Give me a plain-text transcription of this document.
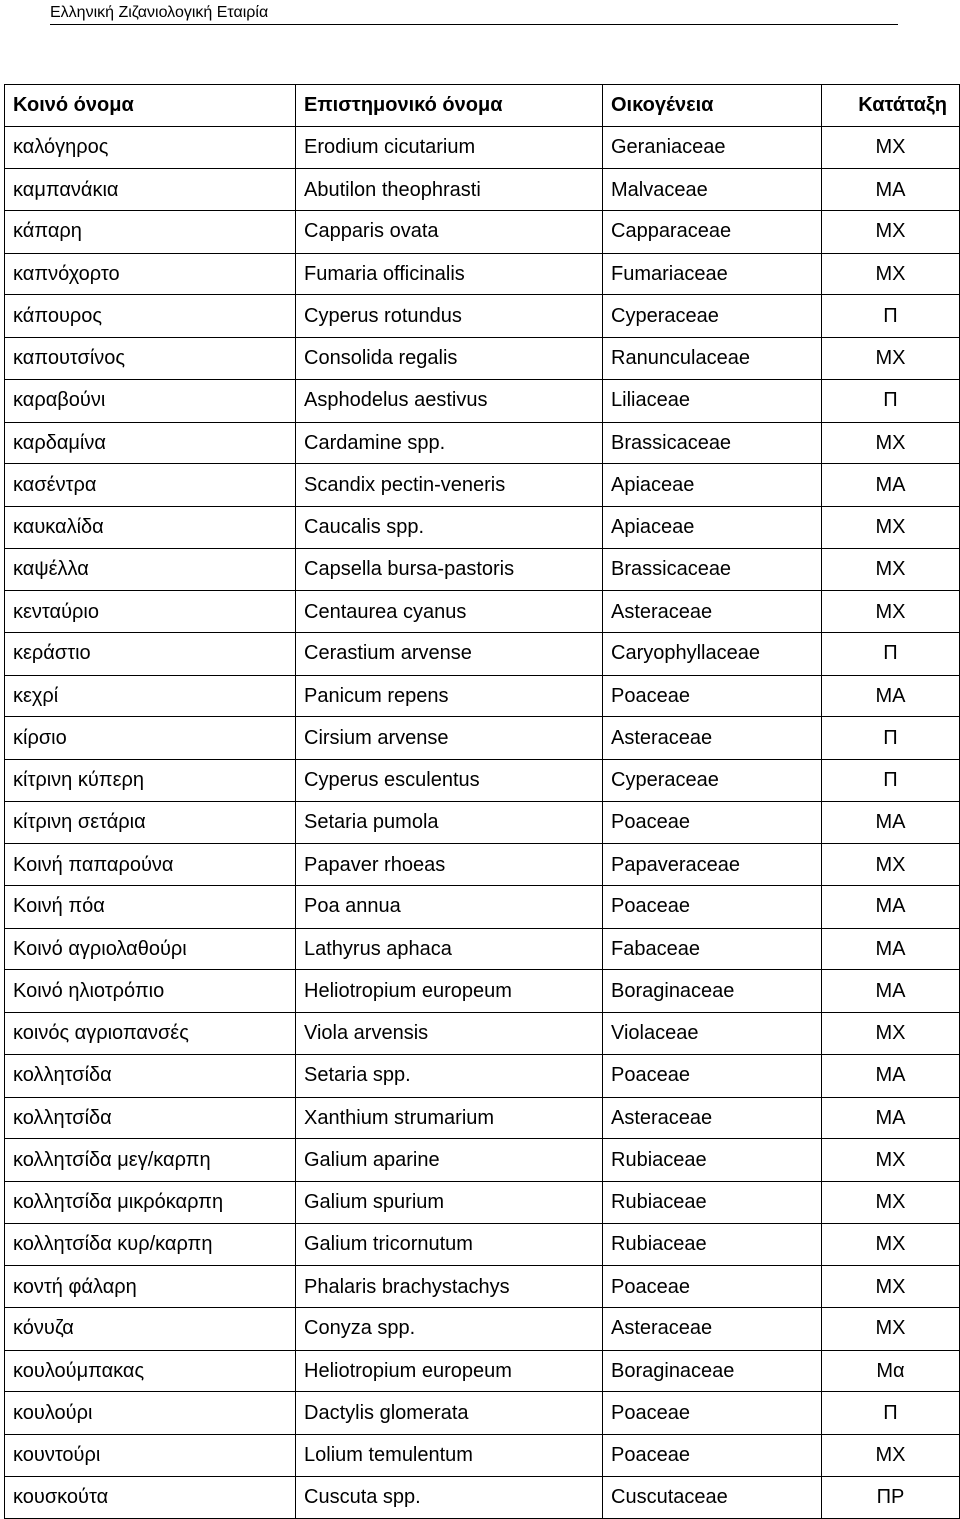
Ελληνική Ζιζανιολογική Εταιρία
Κοινό όνομα	Επιστημονικό όνομα	Οικογένεια	Κατάταξη
καλόγηρος	Erodium cicutarium	Geraniaceae	ΜΧ
καμπανάκια	Abutilon theophrasti	Malvaceae	ΜΑ
κάπαρη	Capparis ovata	Capparaceae	ΜΧ
καπνόχορτο	Fumaria officinalis	Fumariaceae	ΜΧ
κάπουρος	Cyperus rotundus	Cyperaceae	Π
καπουτσίνος	Consolida regalis	Ranunculaceae	ΜΧ
καραβούνι	Asphodelus aestivus	Liliaceae	Π
καρδαμίνα	Cardamine spp.	Brassicaceae	ΜΧ
κασέντρα	Scandix pectin-veneris	Apiaceae	ΜΑ
καυκαλίδα	Caucalis spp.	Apiaceae	ΜΧ
καψέλλα	Capsella bursa-pastoris	Brassicaceae	ΜΧ
κενταύριο	Centaurea cyanus	Asteraceae	ΜΧ
κεράστιο	Cerastium arvense	Caryophyllaceae	Π
κεχρί	Panicum repens	Poaceae	ΜΑ
κίρσιο	Cirsium arvense	Asteraceae	Π
κίτρινη κύπερη	Cyperus esculentus	Cyperaceae	Π
κίτρινη σετάρια	Setaria pumola	Poaceae	ΜΑ
Κοινή παπαρούνα	Papaver rhoeas	Papaveraceae	ΜΧ
Κοινή πόα	Poa annua	Poaceae	ΜΑ
Κοινό αγριολαθούρι	Lathyrus aphaca	Fabaceae	ΜΑ
Κοινό ηλιοτρόπιο	Heliotropium europeum	Boraginaceae	ΜΑ
κοινός αγριοπανσές	Viola arvensis	Violaceae	ΜΧ
κολλητσίδα	Setaria spp.	Poaceae	ΜΑ
κολλητσίδα	Xanthium strumarium	Asteraceae	ΜΑ
κολλητσίδα μεγ/καρπη	Galium aparine	Rubiaceae	ΜΧ
κολλητσίδα μικρόκαρπη	Galium spurium	Rubiaceae	ΜΧ
κολλητσίδα κυρ/καρπη	Galium tricornutum	Rubiaceae	ΜΧ
κοντή φάλαρη	Phalaris brachystachys	Poaceae	ΜΧ
κόνυζα	Conyza spp.	Asteraceae	ΜΧ
κουλούμπακας	Heliotropium europeum	Boraginaceae	Μα
κουλούρι	Dactylis glomerata	Poaceae	Π
κουντούρι	Lolium temulentum	Poaceae	ΜΧ
κουσκούτα	Cuscuta spp.	Cuscutaceae	ΠΡ
